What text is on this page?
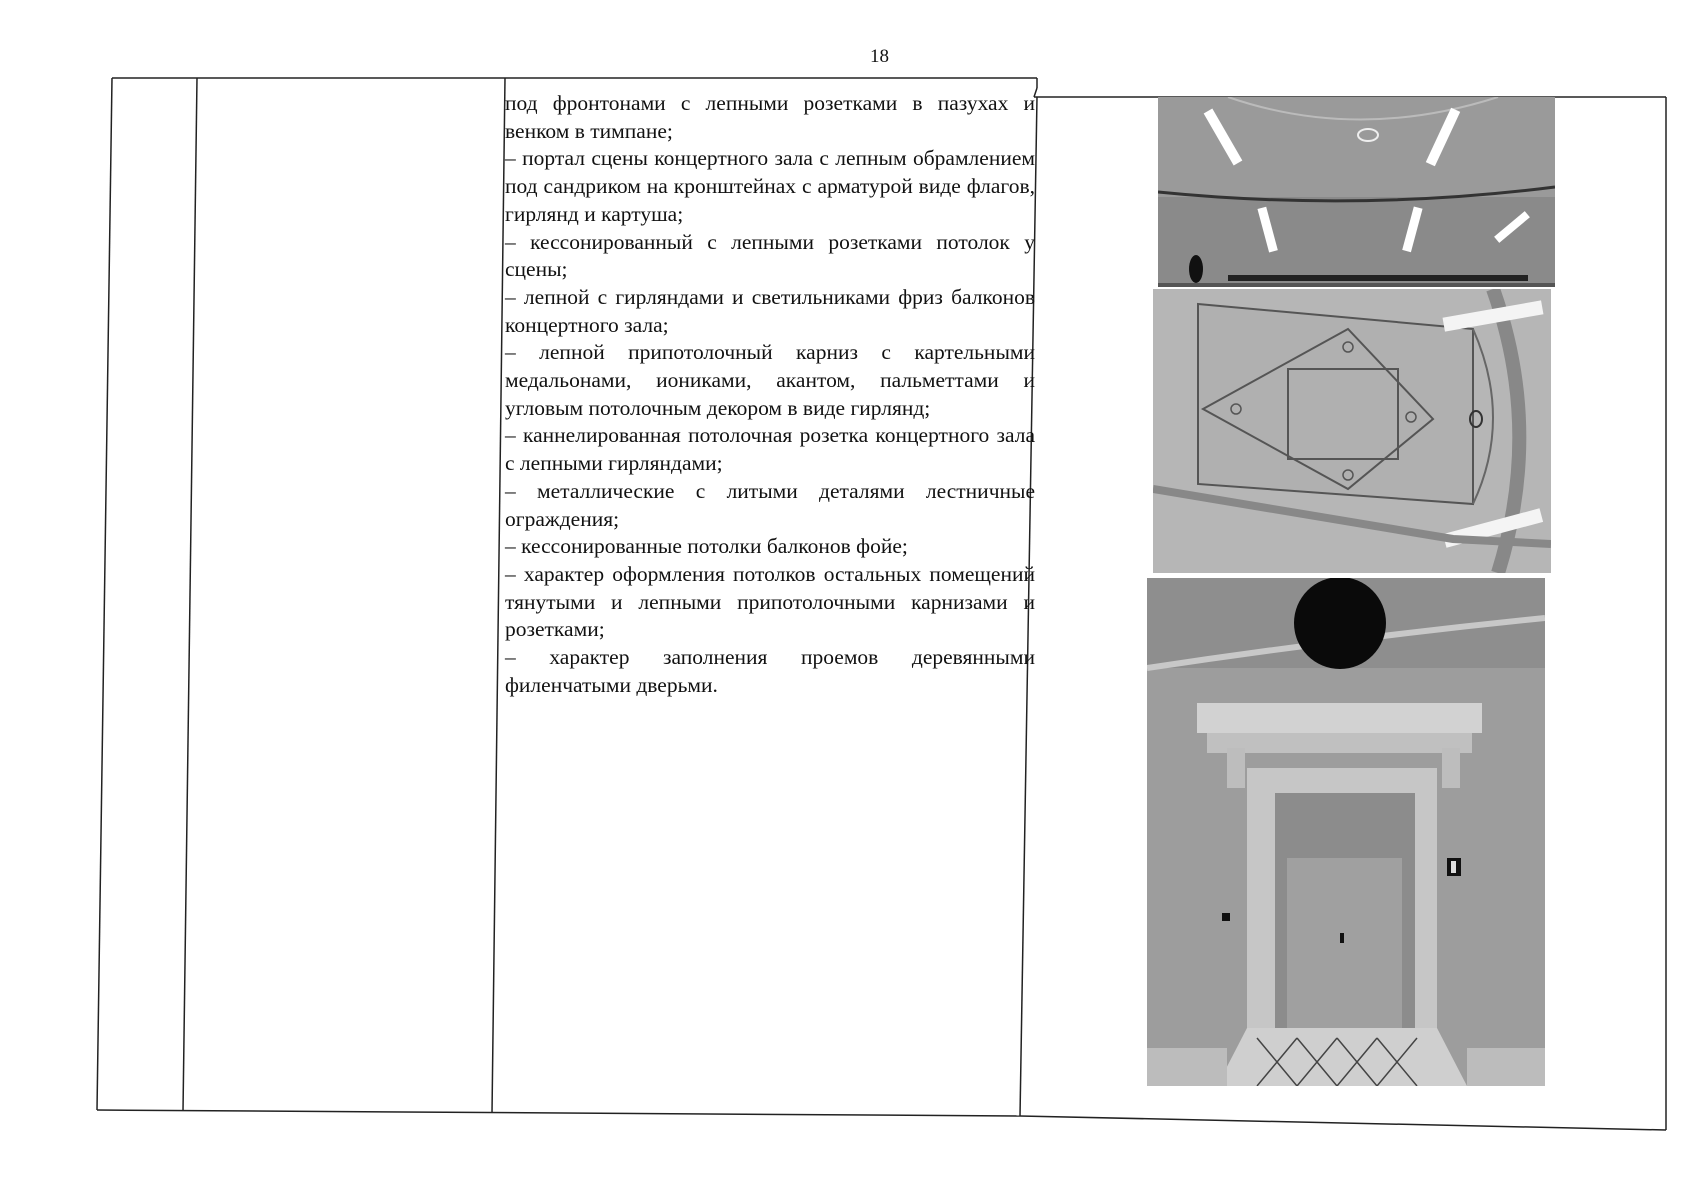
18

под фронтонами с лепными розетками в пазухах и венком в тимпане;

– портал сцены концертного зала с лепным обрамлением под сандриком на кронштейнах с арматурой виде флагов, гирлянд и картуша;

– кессонированный с лепными розетками потолок у сцены;

– лепной с гирляндами и светильниками фриз балконов концертного зала;

– лепной припотолочный карниз с картельными медальонами, иониками, акантом, пальметтами и угловым потолочным декором в виде гирлянд;

– каннелированная потолочная розетка концертного зала с лепными гирляндами;

– металлические с литыми деталями лестничные ограждения;

– кессонированные потолки балконов фойе;

– характер оформления потолков остальных помещений тянутыми и лепными припотолочными карнизами и розетками;

– характер заполнения проемов деревянными филенчатыми дверьми.
